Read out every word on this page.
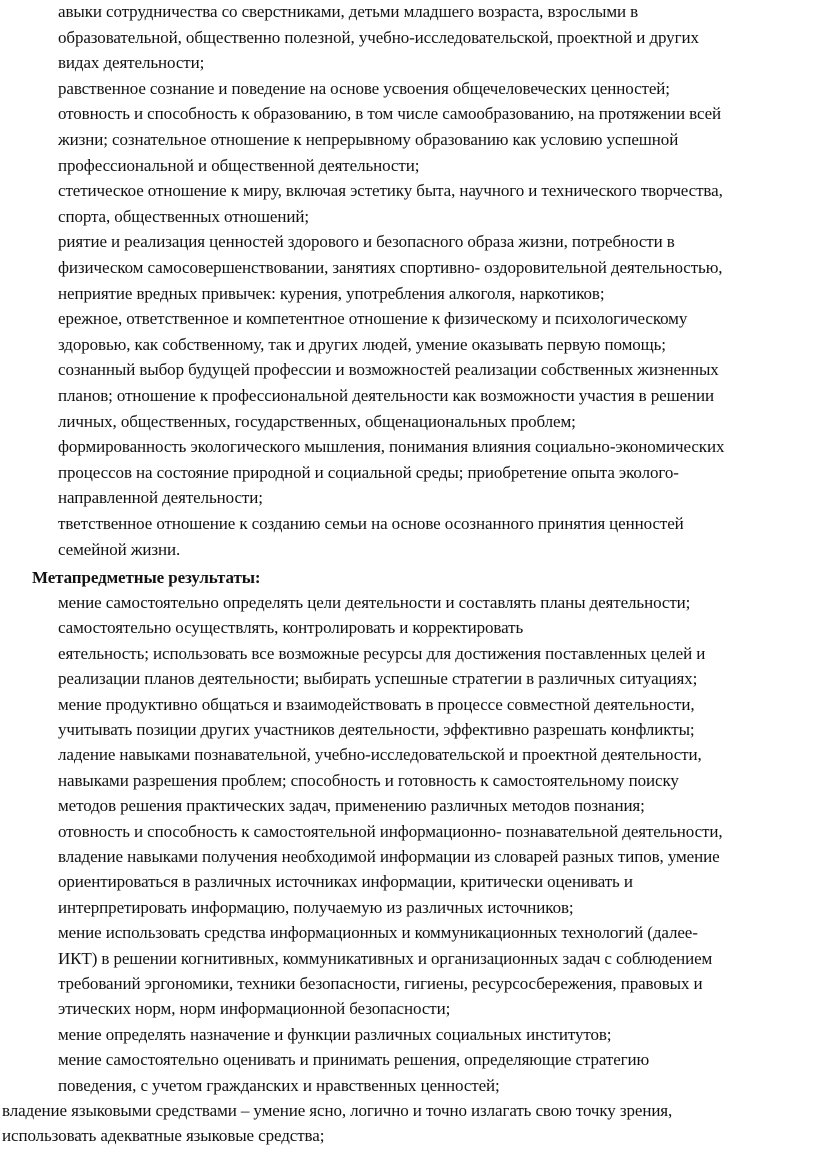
авыки сотрудничества со сверстниками, детьми младшего возраста, взрослыми в
образовательной, общественно полезной, учебно-исследовательской, проектной и других
видах деятельности;
равственное сознание и поведение на основе усвоения общечеловеческих ценностей;
отовность и способность к образованию, в том числе самообразованию, на протяжении всей
жизни; сознательное отношение к непрерывному образованию как условию успешной
профессиональной и общественной деятельности;
стетическое отношение к миру, включая эстетику быта, научного и технического творчества,
спорта, общественных отношений;
риятие и реализация ценностей здорового и безопасного образа жизни, потребности в
физическом самосовершенствовании, занятиях спортивно- оздоровительной деятельностью,
неприятие вредных привычек: курения, употребления алкоголя, наркотиков;
ережное, ответственное и компетентное отношение к физическому и психологическому
здоровью, как собственному, так и других людей, умение оказывать первую помощь;
сознанный выбор будущей профессии и возможностей реализации собственных жизненных
планов; отношение к профессиональной деятельности как возможности участия в решении
личных, общественных, государственных, общенациональных проблем;
формированность экологического мышления, понимания влияния социально-экономических
процессов на состояние природной и социальной среды; приобретение опыта эколого-
направленной деятельности;
тветственное отношение к созданию семьи на основе осознанного принятия ценностей
семейной жизни.
Метапредметные результаты:
мение самостоятельно определять цели деятельности и составлять планы деятельности;
самостоятельно осуществлять, контролировать и корректировать
еятельность; использовать все возможные ресурсы для достижения поставленных целей и
реализации планов деятельности; выбирать успешные стратегии в различных ситуациях;
мение продуктивно общаться и взаимодействовать в процессе совместной деятельности,
учитывать позиции других участников деятельности, эффективно разрешать конфликты;
ладение навыками познавательной, учебно-исследовательской и проектной деятельности,
навыками разрешения проблем; способность и готовность к самостоятельному поиску
методов решения практических задач, применению различных методов познания;
отовность и способность к самостоятельной информационно- познавательной деятельности,
владение навыками получения необходимой информации из словарей разных типов, умение
ориентироваться в различных источниках информации, критически оценивать и
интерпретировать информацию, получаемую из различных источников;
мение использовать средства информационных и коммуникационных технологий (далее-
ИКТ) в решении когнитивных, коммуникативных и организационных задач с соблюдением
требований эргономики, техники безопасности, гигиены, ресурсосбережения, правовых и
этических норм, норм информационной безопасности;
мение определять назначение и функции различных социальных институтов;
мение самостоятельно оценивать и принимать решения, определяющие стратегию
поведения, с учетом гражданских и нравственных ценностей;
владение языковыми средствами – умение ясно, логично и точно излагать свою точку зрения,
использовать адекватные языковые средства;
